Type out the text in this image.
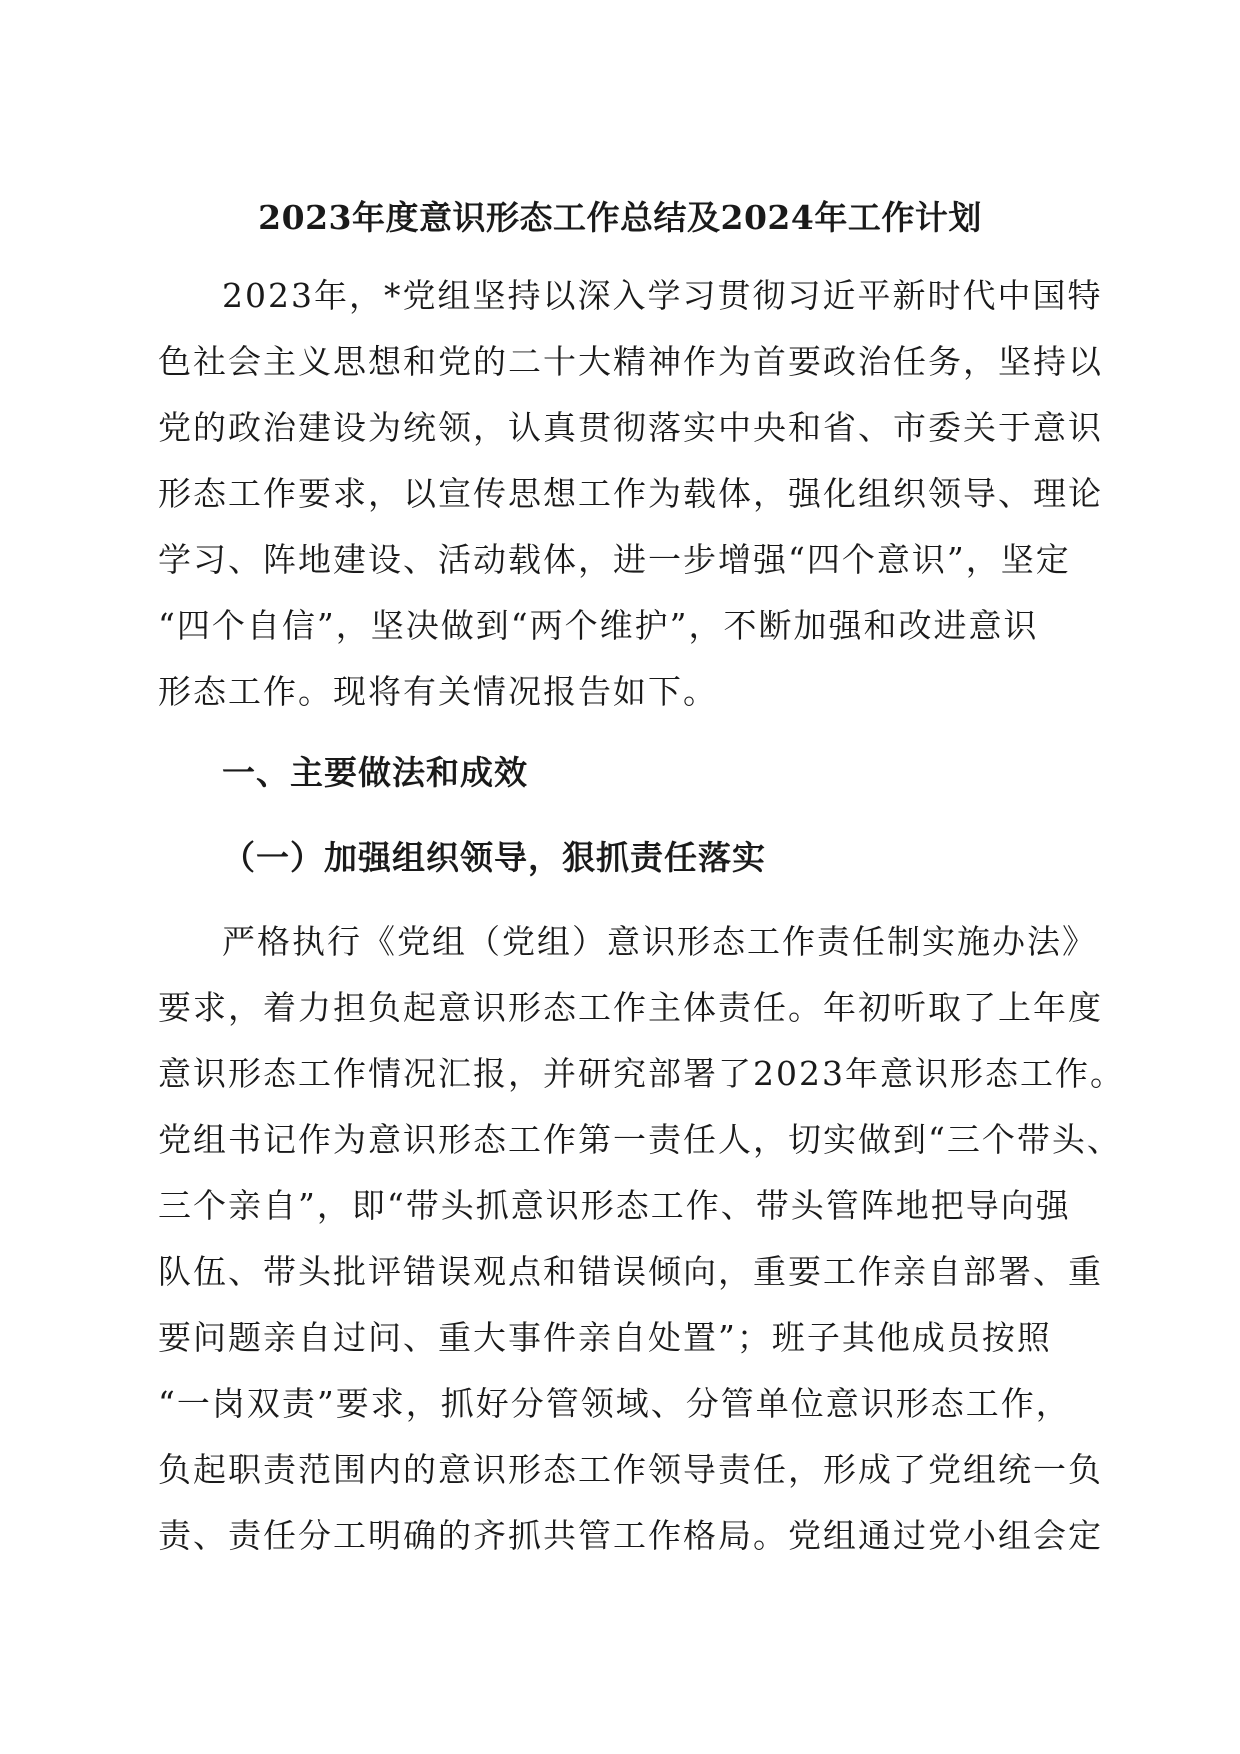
2023年度意识形态工作总结及2024年工作计划
2023年，*党组坚持以深入学习贯彻习近平新时代中国特
色社会主义思想和党的二十大精神作为首要政治任务，坚持以
党的政治建设为统领，认真贯彻落实中央和省、市委关于意识
形态工作要求，以宣传思想工作为载体，强化组织领导、理论
学习、阵地建设、活动载体，进一步增强“四个意识”，坚定
“四个自信”，坚决做到“两个维护”，不断加强和改进意识
形态工作。现将有关情况报告如下。
一、主要做法和成效
（一）加强组织领导，狠抓责任落实
严格执行《党组（党组）意识形态工作责任制实施办法》
要求，着力担负起意识形态工作主体责任。年初听取了上年度
意识形态工作情况汇报，并研究部署了2023年意识形态工作。
党组书记作为意识形态工作第一责任人，切实做到“三个带头、
三个亲自”，即“带头抓意识形态工作、带头管阵地把导向强
队伍、带头批评错误观点和错误倾向，重要工作亲自部署、重
要问题亲自过问、重大事件亲自处置”；班子其他成员按照
“一岗双责”要求，抓好分管领域、分管单位意识形态工作，
负起职责范围内的意识形态工作领导责任，形成了党组统一负
责、责任分工明确的齐抓共管工作格局。党组通过党小组会定
